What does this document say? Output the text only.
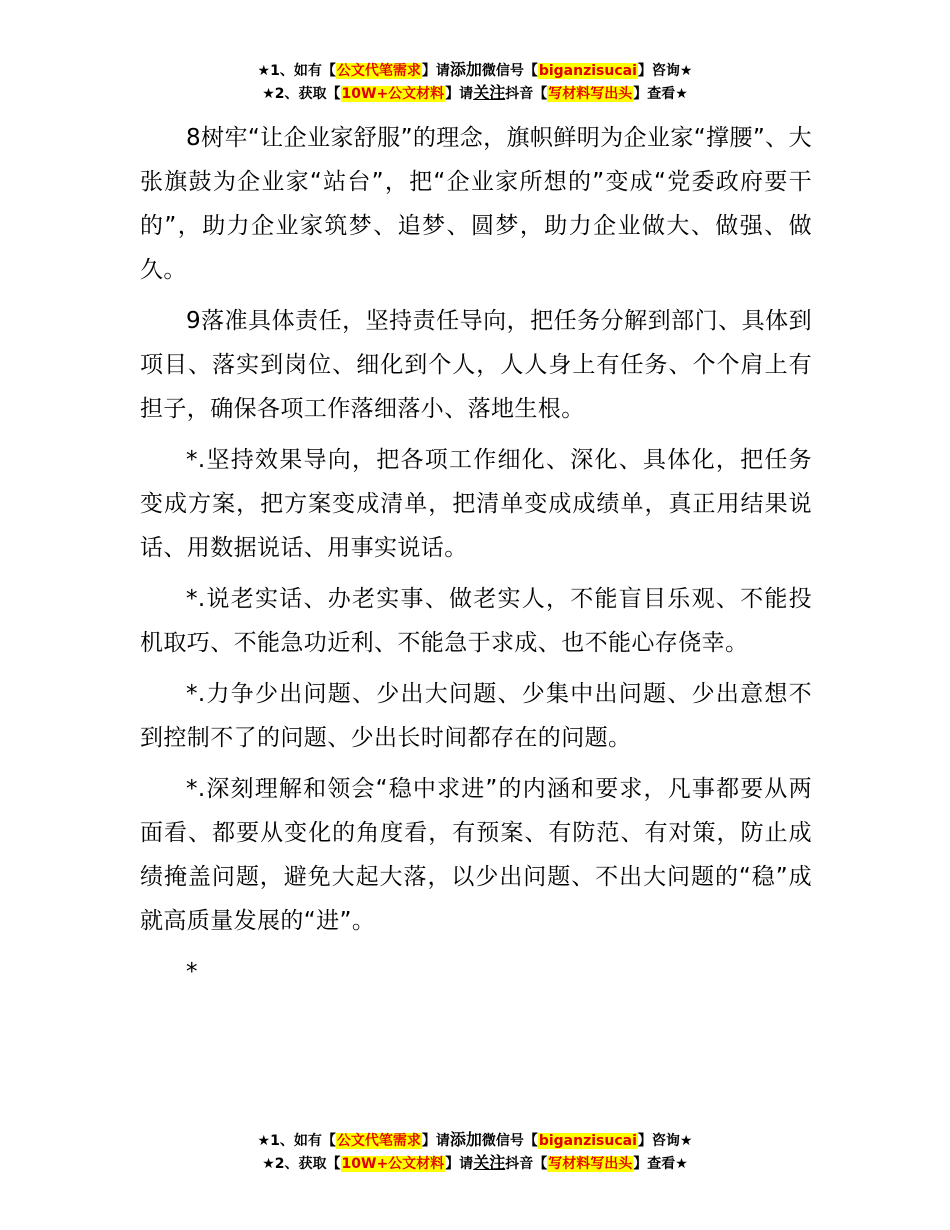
★1、如有【公文代笔需求】请添加微信号【biganzisucai】咨询★
★2、获取【10W+公文材料】请关注抖音【写材料写出头】查看★

8树牢“让企业家舒服”的理念，旗帜鲜明为企业家“撑腰”、大张旗鼓为企业家“站台”，把“企业家所想的”变成“党委政府要干的”，助力企业家筑梦、追梦、圆梦，助力企业做大、做强、做久。

9落准具体责任，坚持责任导向，把任务分解到部门、具体到项目、落实到岗位、细化到个人，人人身上有任务、个个肩上有担子，确保各项工作落细落小、落地生根。

*.坚持效果导向，把各项工作细化、深化、具体化，把任务变成方案，把方案变成清单，把清单变成成绩单，真正用结果说话、用数据说话、用事实说话。

*.说老实话、办老实事、做老实人，不能盲目乐观、不能投机取巧、不能急功近利、不能急于求成、也不能心存侥幸。

*.力争少出问题、少出大问题、少集中出问题、少出意想不到控制不了的问题、少出长时间都存在的问题。

*.深刻理解和领会“稳中求进”的内涵和要求，凡事都要从两面看、都要从变化的角度看，有预案、有防范、有对策，防止成绩掩盖问题，避免大起大落，以少出问题、不出大问题的“稳”成就高质量发展的“进”。

*

★1、如有【公文代笔需求】请添加微信号【biganzisucai】咨询★
★2、获取【10W+公文材料】请关注抖音【写材料写出头】查看★
